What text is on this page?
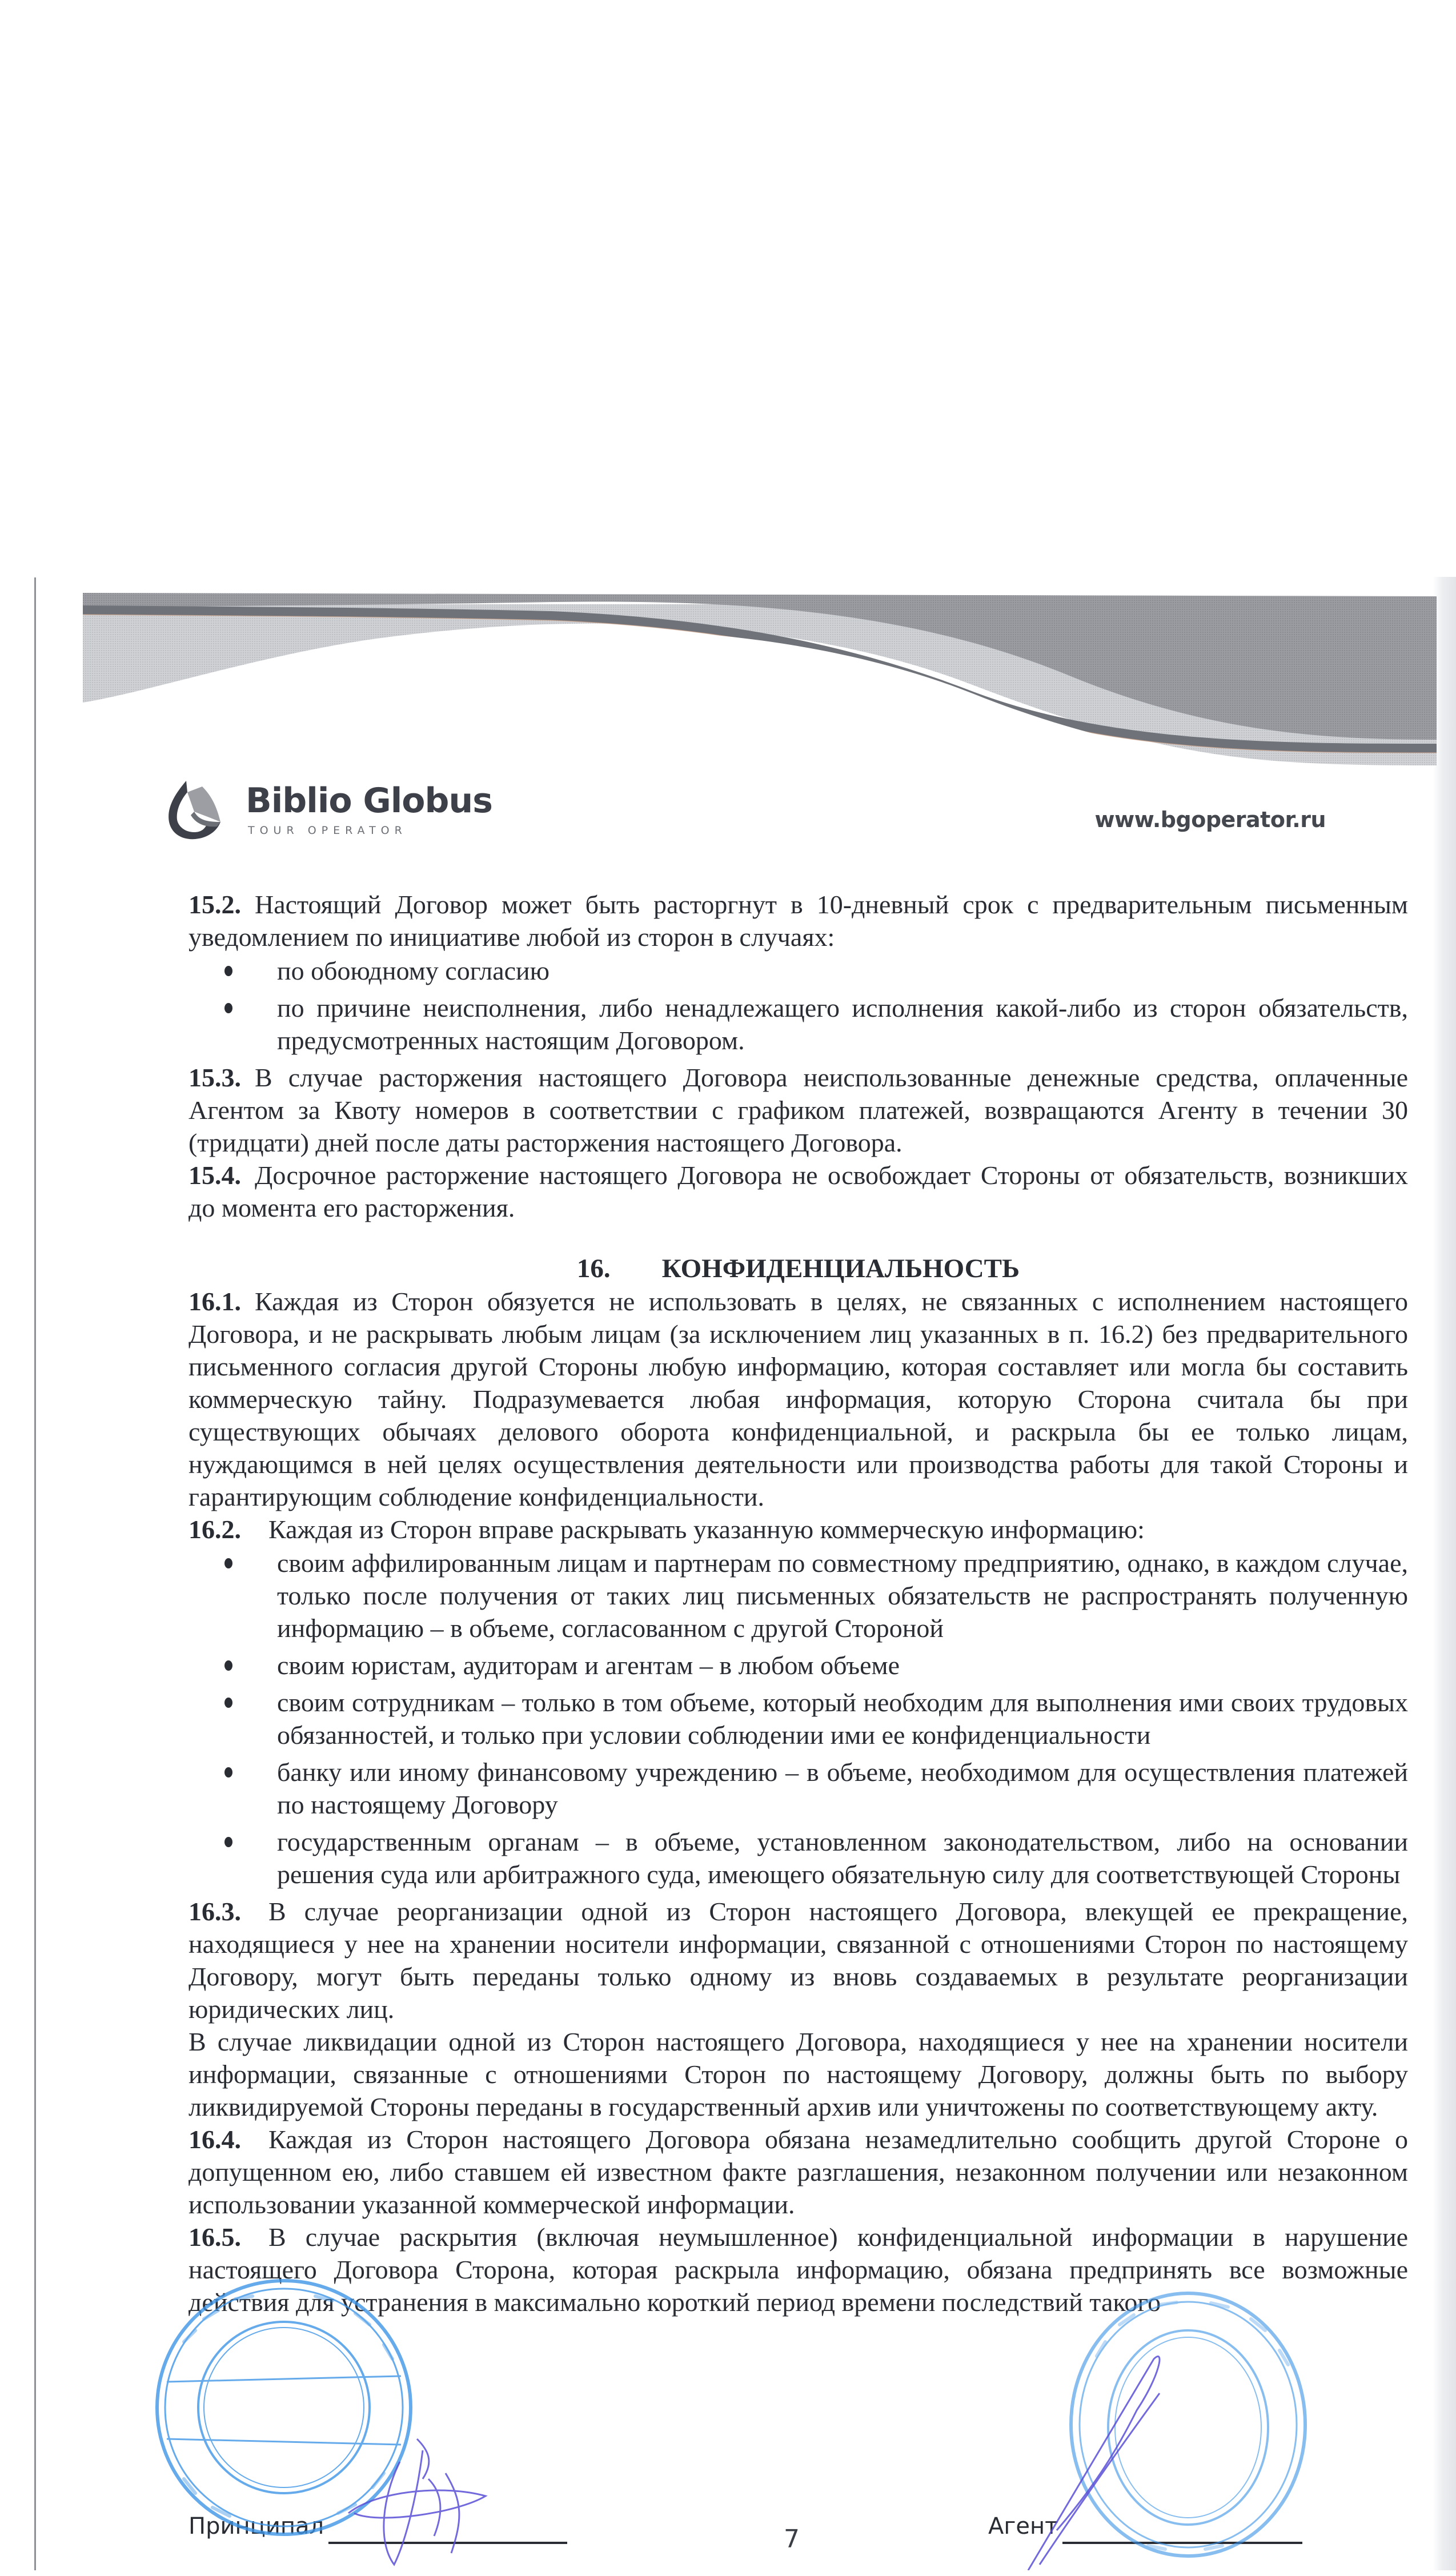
Biblio Globus
TOUR OPERATOR	www.bgoperator.ru

15.2. Настоящий Договор может быть расторгнут в 10-дневный срок с предварительным письменным уведомлением по инициативе любой из сторон в случаях:

по обоюдному согласию
по причине неисполнения, либо ненадлежащего исполнения какой-либо из сторон обязательств, предусмотренных настоящим Договором.

15.3. В случае расторжения настоящего Договора неиспользованные денежные средства, оплаченные Агентом за Квоту номеров в соответствии с графиком платежей, возвращаются Агенту в течении 30 (тридцати) дней после даты расторжения настоящего Договора.

15.4. Досрочное расторжение настоящего Договора не освобождает Стороны от обязательств, возникших до момента его расторжения.

16. КОНФИДЕНЦИАЛЬНОСТЬ

16.1. Каждая из Сторон обязуется не использовать в целях, не связанных с исполнением настоящего Договора, и не раскрывать любым лицам (за исключением лиц указанных в п. 16.2) без предварительного письменного согласия другой Стороны любую информацию, которая составляет или могла бы составить коммерческую тайну. Подразумевается любая информация, которую Сторона считала бы при существующих обычаях делового оборота конфиденциальной, и раскрыла бы ее только лицам, нуждающимся в ней целях осуществления деятельности или производства работы для такой Стороны и гарантирующим соблюдение конфиденциальности.

16.2. Каждая из Сторон вправе раскрывать указанную коммерческую информацию:

своим аффилированным лицам и партнерам по совместному предприятию, однако, в каждом случае, только после получения от таких лиц письменных обязательств не распространять полученную информацию – в объеме, согласованном с другой Стороной
своим юристам, аудиторам и агентам – в любом объеме
своим сотрудникам – только в том объеме, который необходим для выполнения ими своих трудовых обязанностей, и только при условии соблюдении ими ее конфиденциальности
банку или иному финансовому учреждению – в объеме, необходимом для осуществления платежей по настоящему Договору
государственным органам – в объеме, установленном законодательством, либо на основании решения суда или арбитражного суда, имеющего обязательную силу для соответствующей Стороны

16.3. В случае реорганизации одной из Сторон настоящего Договора, влекущей ее прекращение, находящиеся у нее на хранении носители информации, связанной с отношениями Сторон по настоящему Договору, могут быть переданы только одному из вновь создаваемых в результате реорганизации юридических лиц.

В случае ликвидации одной из Сторон настоящего Договора, находящиеся у нее на хранении носители информации, связанные с отношениями Сторон по настоящему Договору, должны быть по выбору ликвидируемой Стороны переданы в государственный архив или уничтожены по соответствующему акту.

16.4. Каждая из Сторон настоящего Договора обязана незамедлительно сообщить другой Стороне о допущенном ею, либо ставшем ей известном факте разглашения, незаконном получении или незаконном использовании указанной коммерческой информации.

16.5. В случае раскрытия (включая неумышленное) конфиденциальной информации в нарушение настоящего Договора Сторона, которая раскрыла информацию, обязана предпринять все возможные действия для устранения в максимально короткий период времени последствий такого

Принципал	Агент
7
